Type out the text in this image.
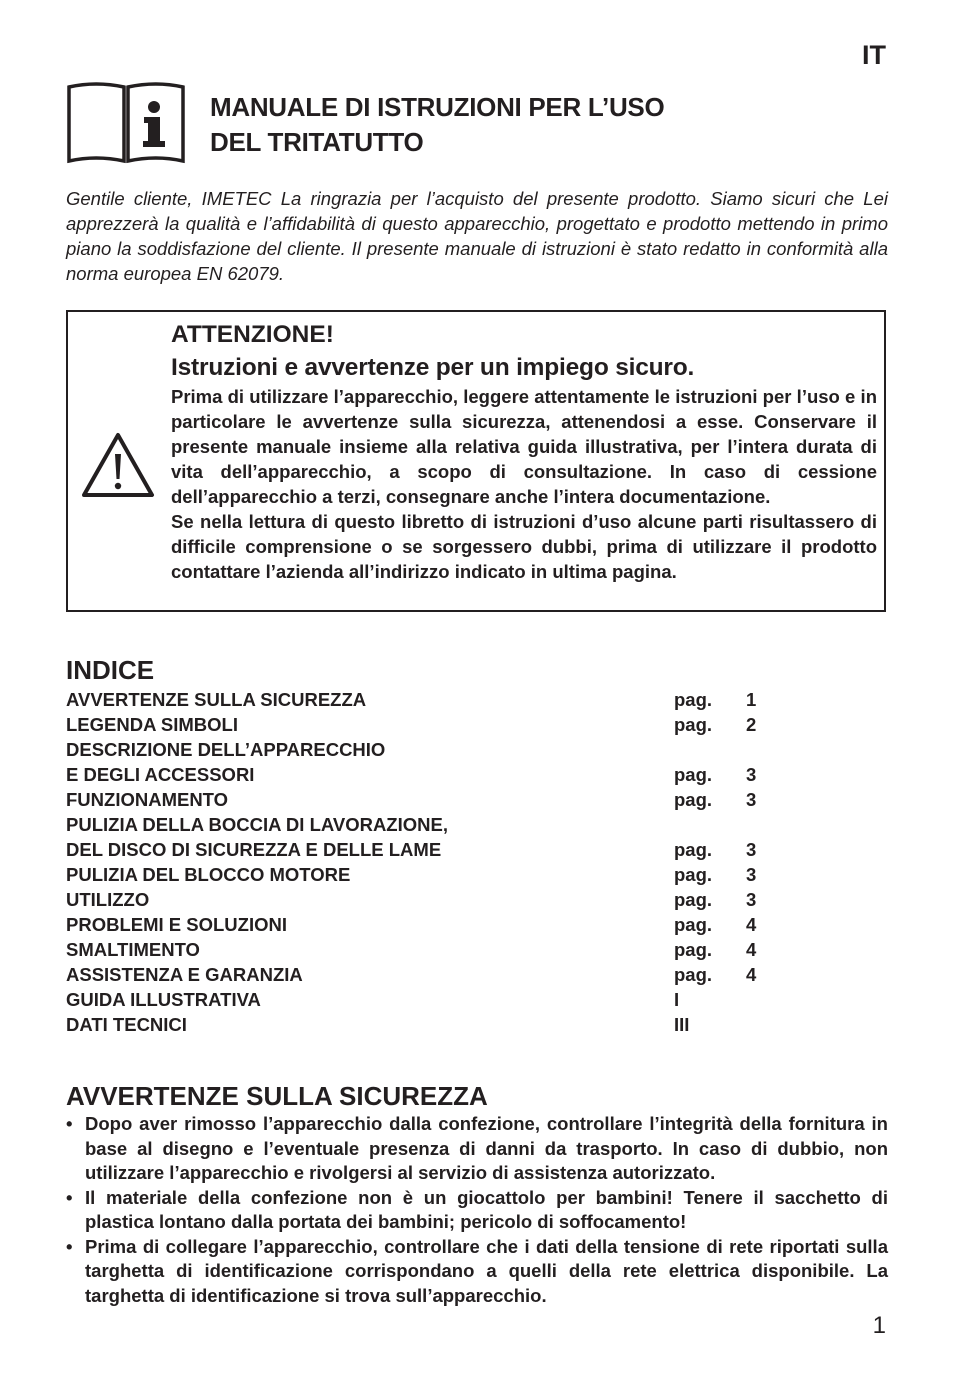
IT
MANUALE DI ISTRUZIONI PER L’USO
DEL TRITATUTTO

Gentile cliente, IMETEC La ringrazia per l’acquisto del presente prodotto. Siamo sicuri che Lei apprezzerà la qualità e l’affidabilità di questo apparecchio, progettato e prodotto mettendo in primo piano la soddisfazione del cliente. Il presente manuale di istruzioni è stato redatto in conformità alla norma europea EN 62079.

ATTENZIONE!

Istruzioni e avvertenze per un impiego sicuro.

Prima di utilizzare l’apparecchio, leggere attentamente le istruzioni per l’uso e in particolare le avvertenze sulla sicurezza, attenendosi a esse. Conservare il presente manuale insieme alla relativa guida illustrativa, per l’intera durata di vita dell’apparecchio, a scopo di consultazione. In caso di cessione dell’apparecchio a terzi, consegnare anche l’intera documentazione.

Se nella lettura di questo libretto di istruzioni d’uso alcune parti risultassero di difficile comprensione o se sorgessero dubbi, prima di utilizzare il prodotto contattare l’azienda all’indirizzo indicato in ultima pagina.

INDICE
AVVERTENZE SULLA SICUREZZA	pag.	1
LEGENDA SIMBOLI	pag.	2
DESCRIZIONE DELL’APPARECCHIO
E DEGLI ACCESSORI	pag.	3
FUNZIONAMENTO	pag.	3
PULIZIA DELLA BOCCIA DI LAVORAZIONE,
DEL DISCO DI SICUREZZA E DELLE LAME	pag.	3
PULIZIA DEL BLOCCO MOTORE	pag.	3
UTILIZZO	pag.	3
PROBLEMI E SOLUZIONI	pag.	4
SMALTIMENTO	pag.	4
ASSISTENZA E GARANZIA	pag.	4
GUIDA ILLUSTRATIVA	I
DATI TECNICI	III
AVVERTENZE SULLA SICUREZZA
• Dopo aver rimosso l’apparecchio dalla confezione, controllare l’integrità della fornitura in base al disegno e l’eventuale presenza di danni da trasporto. In caso di dubbio, non utilizzare l’apparecchio e rivolgersi al servizio di assistenza autorizzato.
• Il materiale della confezione non è un giocattolo per bambini! Tenere il sacchetto di plastica lontano dalla portata dei bambini; pericolo di soffocamento!
• Prima di collegare l’apparecchio, controllare che i dati della tensione di rete riportati sulla targhetta di identificazione corrispondano a quelli della rete elettrica disponibile. La targhetta di identificazione si trova sull’apparecchio.
1
